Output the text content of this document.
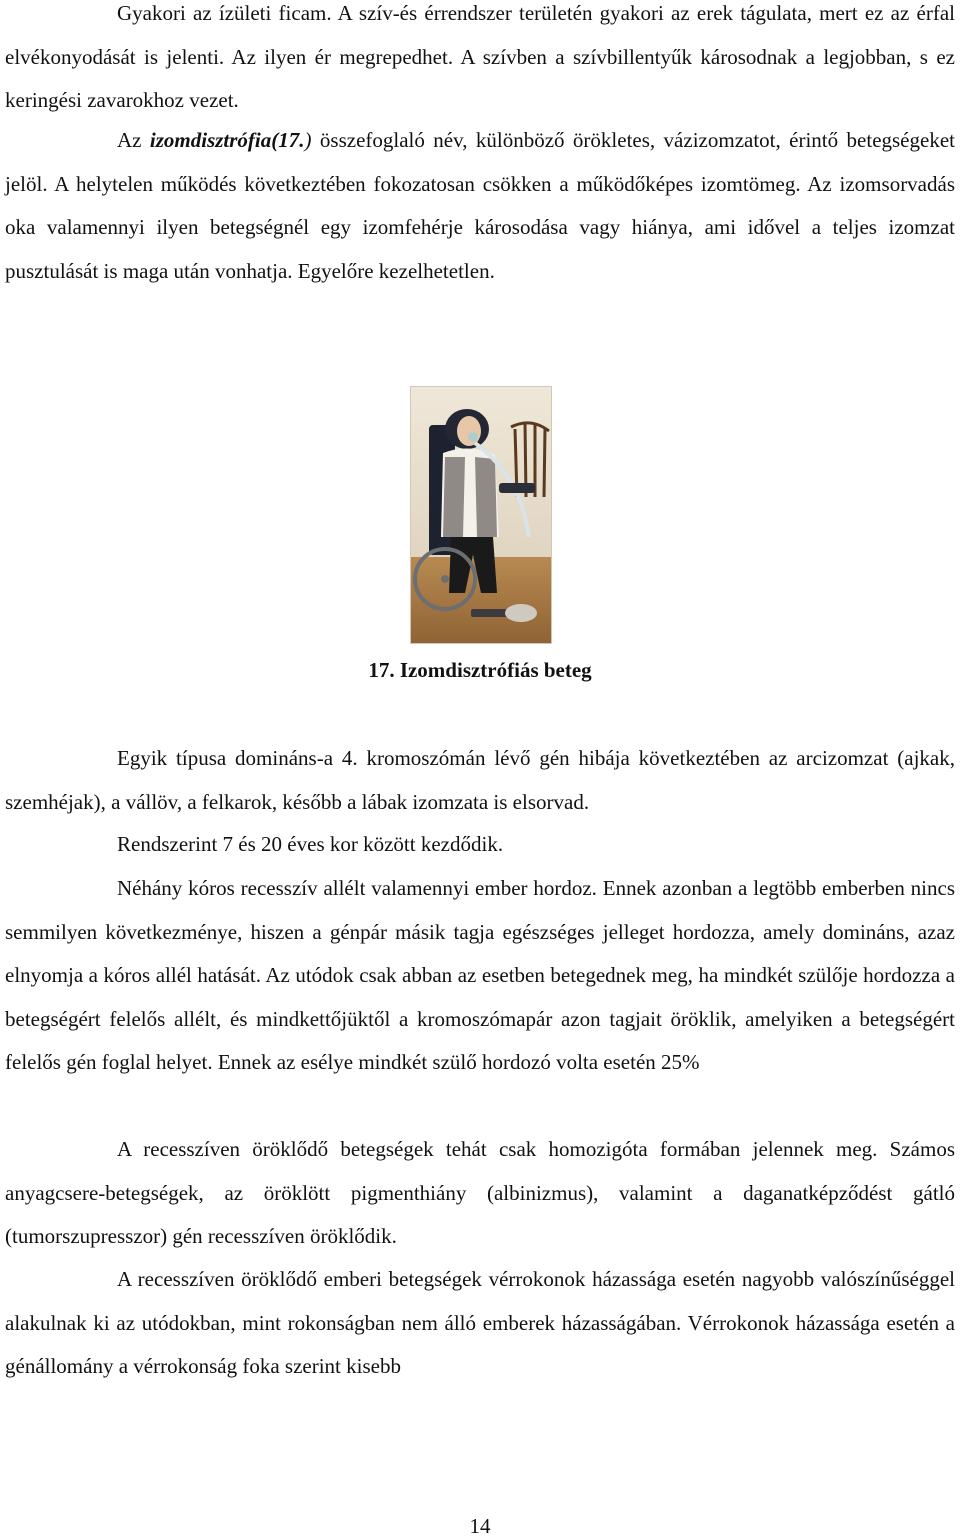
Gyakori az ízületi ficam. A szív-és érrendszer területén gyakori az erek tágulata, mert ez az érfal elvékonyodását is jelenti. Az ilyen ér megrepedhet. A szívben a szívbillentyűk károsodnak a legjobban, s ez keringési zavarokhoz vezet.

Az izomdisztrófia(17.) összefoglaló név, különböző örökletes, vázizomzatot, érintő betegségeket jelöl. A helytelen működés következtében fokozatosan csökken a működőképes izomtömeg. Az izomsorvadás oka valamennyi ilyen betegségnél egy izomfehérje károsodása vagy hiánya, ami idővel a teljes izomzat pusztulását is maga után vonhatja. Egyelőre kezelhetetlen.

Egyik típusa domináns-a 4. kromoszómán lévő gén hibája következtében az arcizomzat (ajkak, szemhéjak), a vállöv, a felkarok, később a lábak izomzata is elsorvad.

Rendszerint 7 és 20 éves kor között kezdődik.

Néhány kóros recesszív allélt valamennyi ember hordoz. Ennek azonban a legtöbb emberben nincs semmilyen következménye, hiszen a génpár másik tagja egészséges jelleget hordozza, amely domináns, azaz elnyomja a kóros allél hatását. Az utódok csak abban az esetben betegednek meg, ha mindkét szülője hordozza a betegségért felelős allélt, és mindkettőjüktől a kromoszómapár azon tagjait öröklik, amelyiken a betegségért felelős gén foglal helyet. Ennek az esélye mindkét szülő hordozó volta esetén 25%

A recesszíven öröklődő betegségek tehát csak homozigóta formában jelennek meg. Számos anyagcsere-betegségek, az öröklött pigmenthiány (albinizmus), valamint a daganatképződést gátló (tumorszupresszor) gén recesszíven öröklődik.

A recesszíven öröklődő emberi betegségek vérrokonok házassága esetén nagyobb valószínűséggel alakulnak ki az utódokban, mint rokonságban nem álló emberek házasságában. Vérrokonok házassága esetén a génállomány a vérrokonság foka szerint kisebb

17. Izomdisztrófiás beteg
14
